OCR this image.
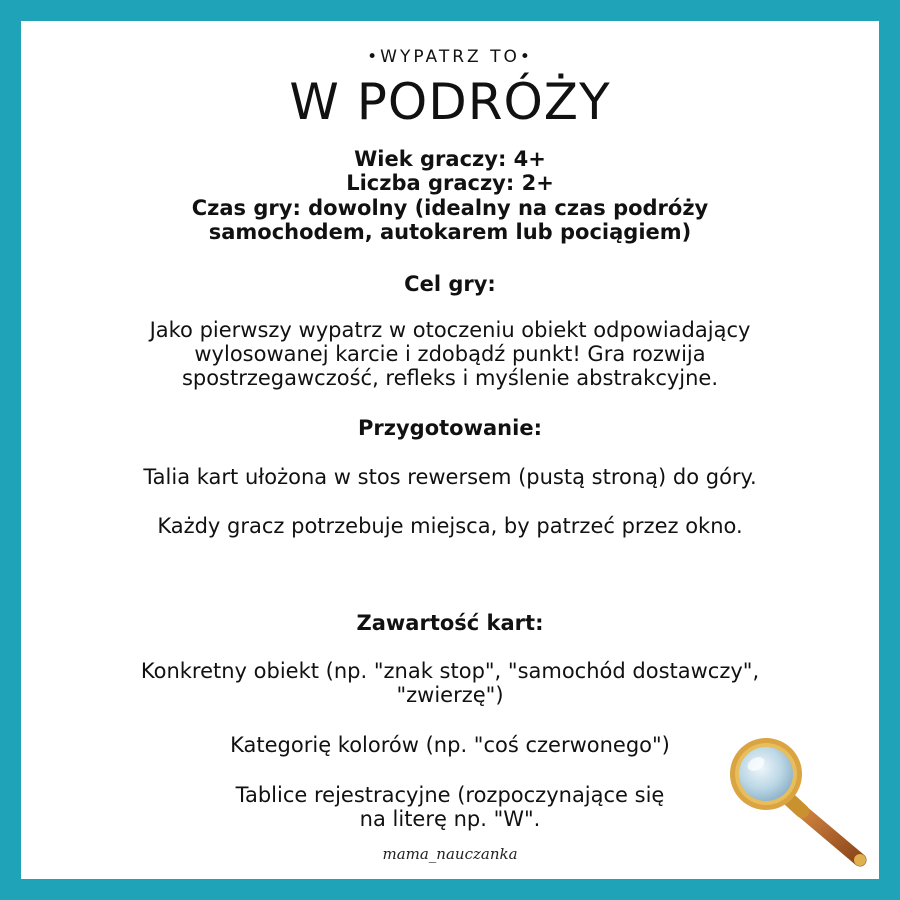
•WYPATRZ TO•
W PODRÓŻY
Wiek graczy: 4+
Liczba graczy: 2+
Czas gry: dowolny (idealny na czas podróży
samochodem, autokarem lub pociągiem)
Cel gry:
Jako pierwszy wypatrz w otoczeniu obiekt odpowiadający
wylosowanej karcie i zdobądź punkt! Gra rozwija
spostrzegawczość, refleks i myślenie abstrakcyjne.
Przygotowanie:
Talia kart ułożona w stos rewersem (pustą stroną) do góry.
Każdy gracz potrzebuje miejsca, by patrzeć przez okno.
Zawartość kart:
Konkretny obiekt (np. "znak stop", "samochód dostawczy",
"zwierzę")
Kategorię kolorów (np. "coś czerwonego")
Tablice rejestracyjne (rozpoczynające się
na literę np. "W".
mama_nauczanka
